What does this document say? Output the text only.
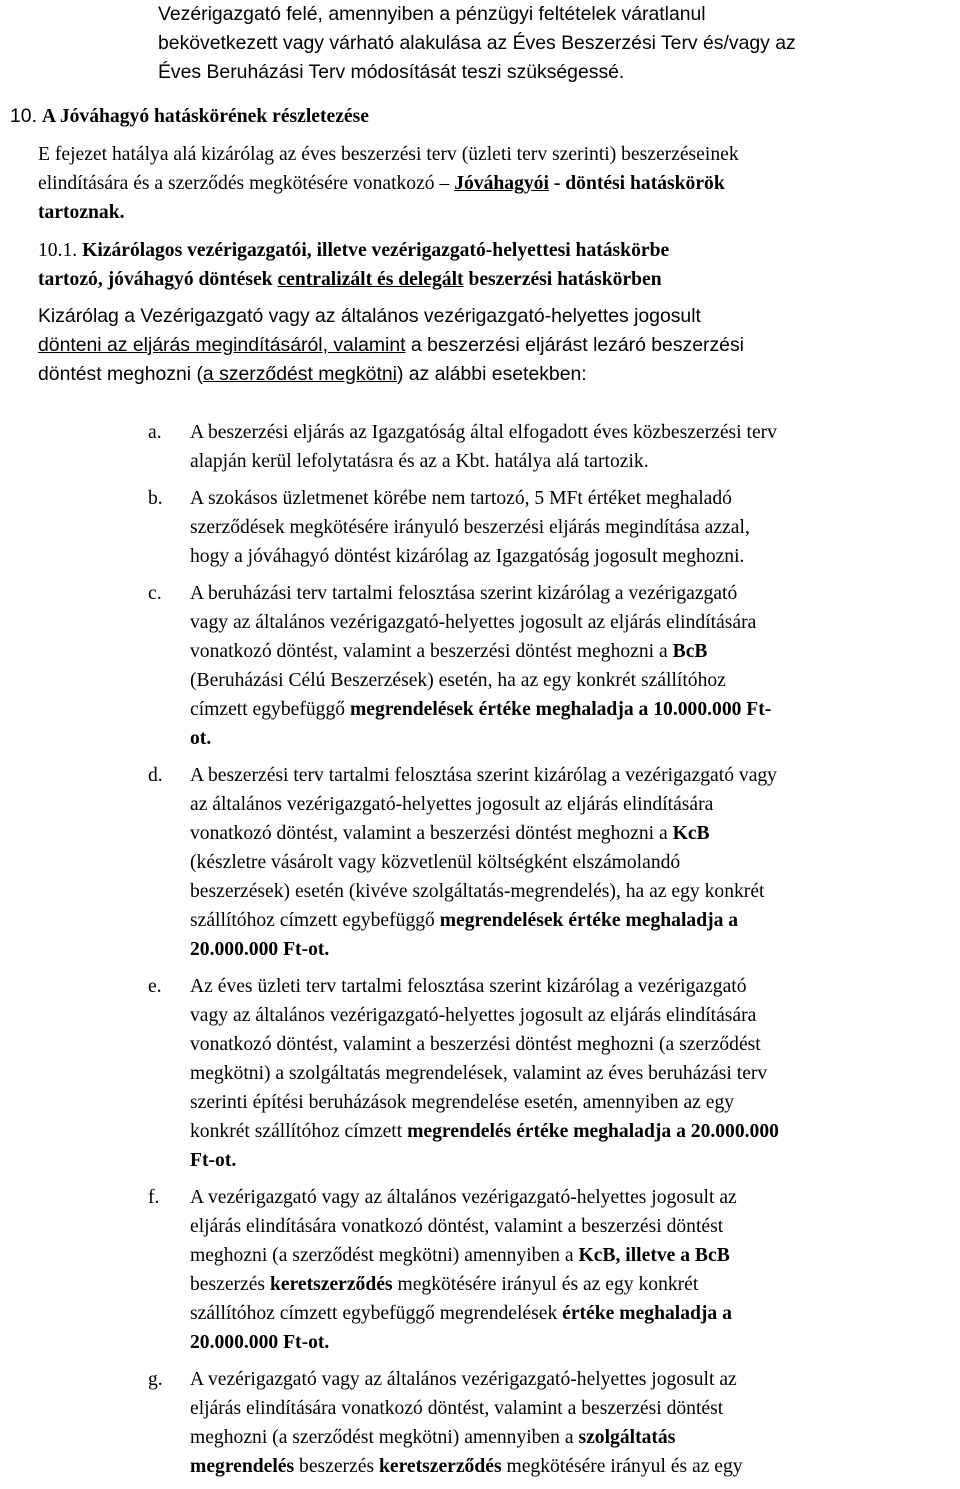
Vezérigazgató felé, amennyiben a pénzügyi feltételek váratlanul
bekövetkezett vagy várható alakulása az Éves Beszerzési Terv és/vagy az
Éves Beruházási Terv módosítását teszi szükségessé.
10. A Jóváhagyó hatáskörének részletezése
E fejezet hatálya alá kizárólag az éves beszerzési terv (üzleti terv szerinti) beszerzéseinek
elindítására és a szerződés megkötésére vonatkozó – Jóváhagyói - döntési hatáskörök
tartoznak.
10.1. Kizárólagos vezérigazgatói, illetve vezérigazgató-helyettesi hatáskörbe
tartozó, jóváhagyó döntések centralizált és delegált beszerzési hatáskörben
Kizárólag a Vezérigazgató vagy az általános vezérigazgató-helyettes jogosult
dönteni az eljárás megindításáról, valamint a beszerzési eljárást lezáró beszerzési
döntést meghozni (a szerződést megkötni) az alábbi esetekben:
a. A beszerzési eljárás az Igazgatóság által elfogadott éves közbeszerzési terv
alapján kerül lefolytatásra és az a Kbt. hatálya alá tartozik.
b. A szokásos üzletmenet körébe nem tartozó, 5 MFt értéket meghaladó
szerződések megkötésére irányuló beszerzési eljárás megindítása azzal,
hogy a jóváhagyó döntést kizárólag az Igazgatóság jogosult meghozni.
c. A beruházási terv tartalmi felosztása szerint kizárólag a vezérigazgató
vagy az általános vezérigazgató-helyettes jogosult az eljárás elindítására
vonatkozó döntést, valamint a beszerzési döntést meghozni a BcB
(Beruházási Célú Beszerzések) esetén, ha az egy konkrét szállítóhoz
címzett egybefüggő megrendelések értéke meghaladja a 10.000.000 Ft-
ot.
d. A beszerzési terv tartalmi felosztása szerint kizárólag a vezérigazgató vagy
az általános vezérigazgató-helyettes jogosult az eljárás elindítására
vonatkozó döntést, valamint a beszerzési döntést meghozni a KcB
(készletre vásárolt vagy közvetlenül költségként elszámolandó
beszerzések) esetén (kivéve szolgáltatás-megrendelés), ha az egy konkrét
szállítóhoz címzett egybefüggő megrendelések értéke meghaladja a
20.000.000 Ft-ot.
e. Az éves üzleti terv tartalmi felosztása szerint kizárólag a vezérigazgató
vagy az általános vezérigazgató-helyettes jogosult az eljárás elindítására
vonatkozó döntést, valamint a beszerzési döntést meghozni (a szerződést
megkötni) a szolgáltatás megrendelések, valamint az éves beruházási terv
szerinti építési beruházások megrendelése esetén, amennyiben az egy
konkrét szállítóhoz címzett megrendelés értéke meghaladja a 20.000.000
Ft-ot.
f. A vezérigazgató vagy az általános vezérigazgató-helyettes jogosult az
eljárás elindítására vonatkozó döntést, valamint a beszerzési döntést
meghozni (a szerződést megkötni) amennyiben a KcB, illetve a BcB
beszerzés keretszerződés megkötésére irányul és az egy konkrét
szállítóhoz címzett egybefüggő megrendelések értéke meghaladja a
20.000.000 Ft-ot.
g. A vezérigazgató vagy az általános vezérigazgató-helyettes jogosult az
eljárás elindítására vonatkozó döntést, valamint a beszerzési döntést
meghozni (a szerződést megkötni) amennyiben a szolgáltatás
megrendelés beszerzés keretszerződés megkötésére irányul és az egy
